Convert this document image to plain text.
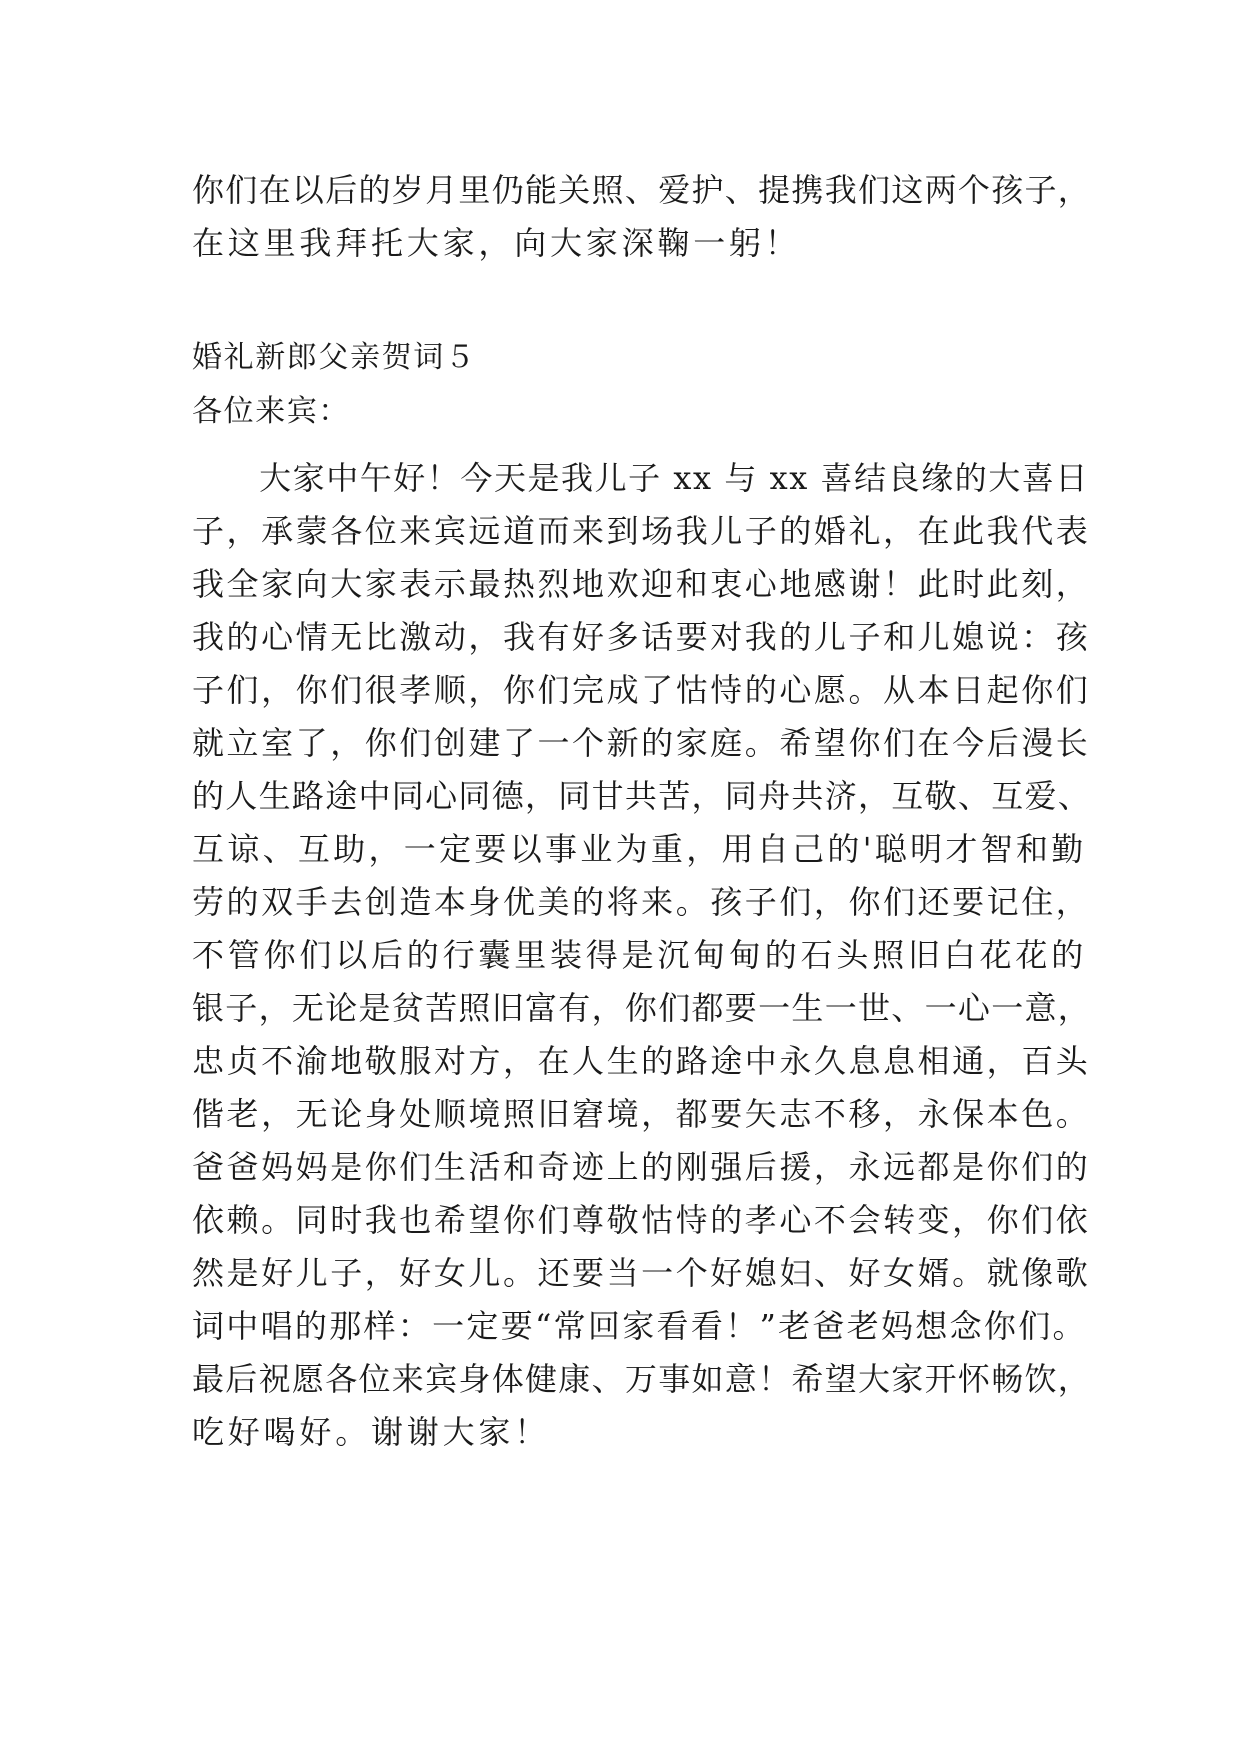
你们在以后的岁月里仍能关照、爱护、提携我们这两个孩子，
在这里我拜托大家，向大家深鞠一躬！
婚礼新郎父亲贺词５
各位来宾：
　　大家中午好！今天是我儿子 xx 与 xx 喜结良缘的大喜日
子，承蒙各位来宾远道而来到场我儿子的婚礼，在此我代表
我全家向大家表示最热烈地欢迎和衷心地感谢！此时此刻，
我的心情无比激动，我有好多话要对我的儿子和儿媳说：孩
子们，你们很孝顺，你们完成了怙恃的心愿。从本日起你们
就立室了，你们创建了一个新的家庭。希望你们在今后漫长
的人生路途中同心同德，同甘共苦，同舟共济，互敬、互爱、
互谅、互助，一定要以事业为重，用自己的'聪明才智和勤
劳的双手去创造本身优美的将来。孩子们，你们还要记住，
不管你们以后的行囊里装得是沉甸甸的石头照旧白花花的
银子，无论是贫苦照旧富有，你们都要一生一世、一心一意，
忠贞不渝地敬服对方，在人生的路途中永久息息相通，百头
偕老，无论身处顺境照旧窘境，都要矢志不移，永保本色。
爸爸妈妈是你们生活和奇迹上的刚强后援，永远都是你们的
依赖。同时我也希望你们尊敬怙恃的孝心不会转变，你们依
然是好儿子，好女儿。还要当一个好媳妇、好女婿。就像歌
词中唱的那样：一定要“常回家看看！”老爸老妈想念你们。
最后祝愿各位来宾身体健康、万事如意！希望大家开怀畅饮，
吃好喝好。谢谢大家！
